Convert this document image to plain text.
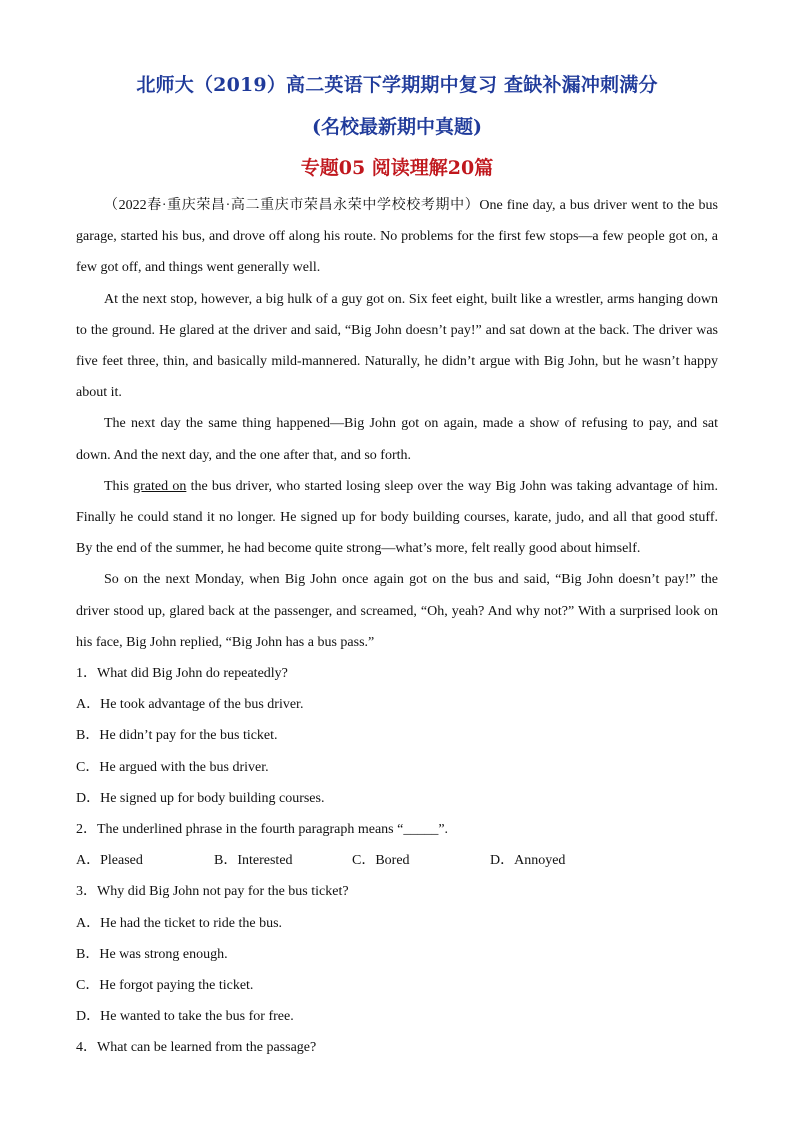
北师大（2019）高二英语下学期期中复习 查缺补漏冲刺满分
(名校最新期中真题)
专题05 阅读理解20篇

（2022春·重庆荣昌·高二重庆市荣昌永荣中学校校考期中）One fine day, a bus driver went to the bus garage, started his bus, and drove off along his route. No problems for the first few stops—a few people got on, a few got off, and things went generally well.

At the next stop, however, a big hulk of a guy got on. Six feet eight, built like a wrestler, arms hanging down to the ground. He glared at the driver and said, “Big John doesn’t pay!” and sat down at the back. The driver was five feet three, thin, and basically mild-mannered. Naturally, he didn’t argue with Big John, but he wasn’t happy about it.

The next day the same thing happened—Big John got on again, made a show of refusing to pay, and sat down. And the next day, and the one after that, and so forth.

This grated on the bus driver, who started losing sleep over the way Big John was taking advantage of him. Finally he could stand it no longer. He signed up for body building courses, karate, judo, and all that good stuff. By the end of the summer, he had become quite strong—what’s more, felt really good about himself.

So on the next Monday, when Big John once again got on the bus and said, “Big John doesn’t pay!” the driver stood up, glared back at the passenger, and screamed, “Oh, yeah? And why not?” With a surprised look on his face, Big John replied, “Big John has a bus pass.”

1．What did Big John do repeatedly?

A．He took advantage of the bus driver.

B．He didn’t pay for the bus ticket.

C．He argued with the bus driver.

D．He signed up for body building courses.

2．The underlined phrase in the fourth paragraph means “_____”.

A．Pleased	B．Interested	C．Bored	D．Annoyed

3．Why did Big John not pay for the bus ticket?

A．He had the ticket to ride the bus.

B．He was strong enough.

C．He forgot paying the ticket.

D．He wanted to take the bus for free.

4．What can be learned from the passage?
